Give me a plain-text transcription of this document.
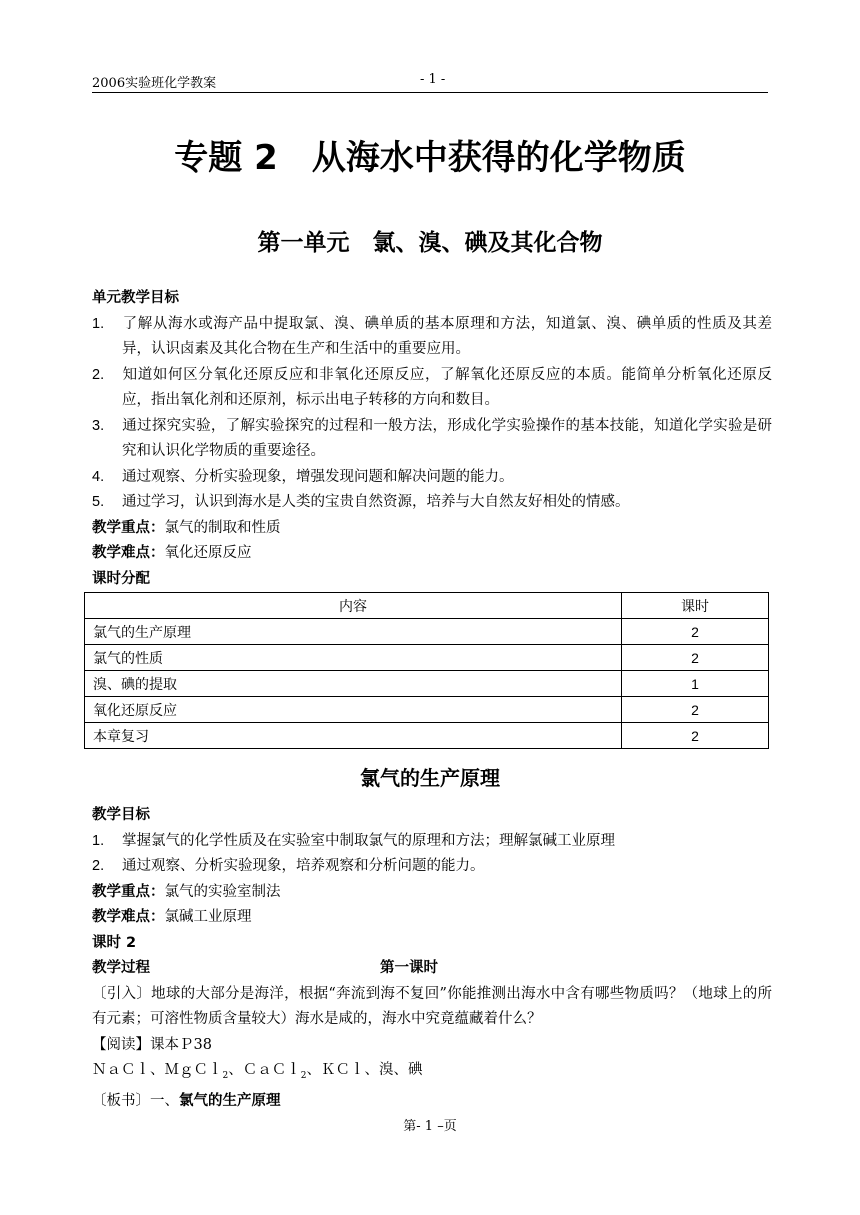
2006实验班化学教案	- 1 -
专题 2　从海水中获得的化学物质
第一单元　氯、溴、碘及其化合物
单元教学目标
1. 了解从海水或海产品中提取氯、溴、碘单质的基本原理和方法，知道氯、溴、碘单质的性质及其差异，认识卤素及其化合物在生产和生活中的重要应用。
2. 知道如何区分氧化还原反应和非氧化还原反应，了解氧化还原反应的本质。能简单分析氧化还原反应，指出氧化剂和还原剂，标示出电子转移的方向和数目。
3. 通过探究实验，了解实验探究的过程和一般方法，形成化学实验操作的基本技能，知道化学实验是研究和认识化学物质的重要途径。
4. 通过观察、分析实验现象，增强发现问题和解决问题的能力。
5. 通过学习，认识到海水是人类的宝贵自然资源，培养与大自然友好相处的情感。
教学重点：氯气的制取和性质
教学难点：氧化还原反应
课时分配
内容	课时
氯气的生产原理	2
氯气的性质	2
溴、碘的提取	1
氧化还原反应	2
本章复习	2
氯气的生产原理
教学目标
1. 掌握氯气的化学性质及在实验室中制取氯气的原理和方法；理解氯碱工业原理
2. 通过观察、分析实验现象，培养观察和分析问题的能力。
教学重点：氯气的实验室制法
教学难点：氯碱工业原理
课时 2
教学过程	第一课时
〔引入〕地球的大部分是海洋，根据“奔流到海不复回”你能推测出海水中含有哪些物质吗？（地球上的所有元素；可溶性物质含量较大）海水是咸的，海水中究竟蕴藏着什么？
【阅读】课本Ｐ38
ＮａＣｌ、ＭｇＣｌ$_2$、ＣａＣｌ$_2$、ＫＣｌ、溴、碘
〔板书〕一、氯气的生产原理
第- 1 –页
